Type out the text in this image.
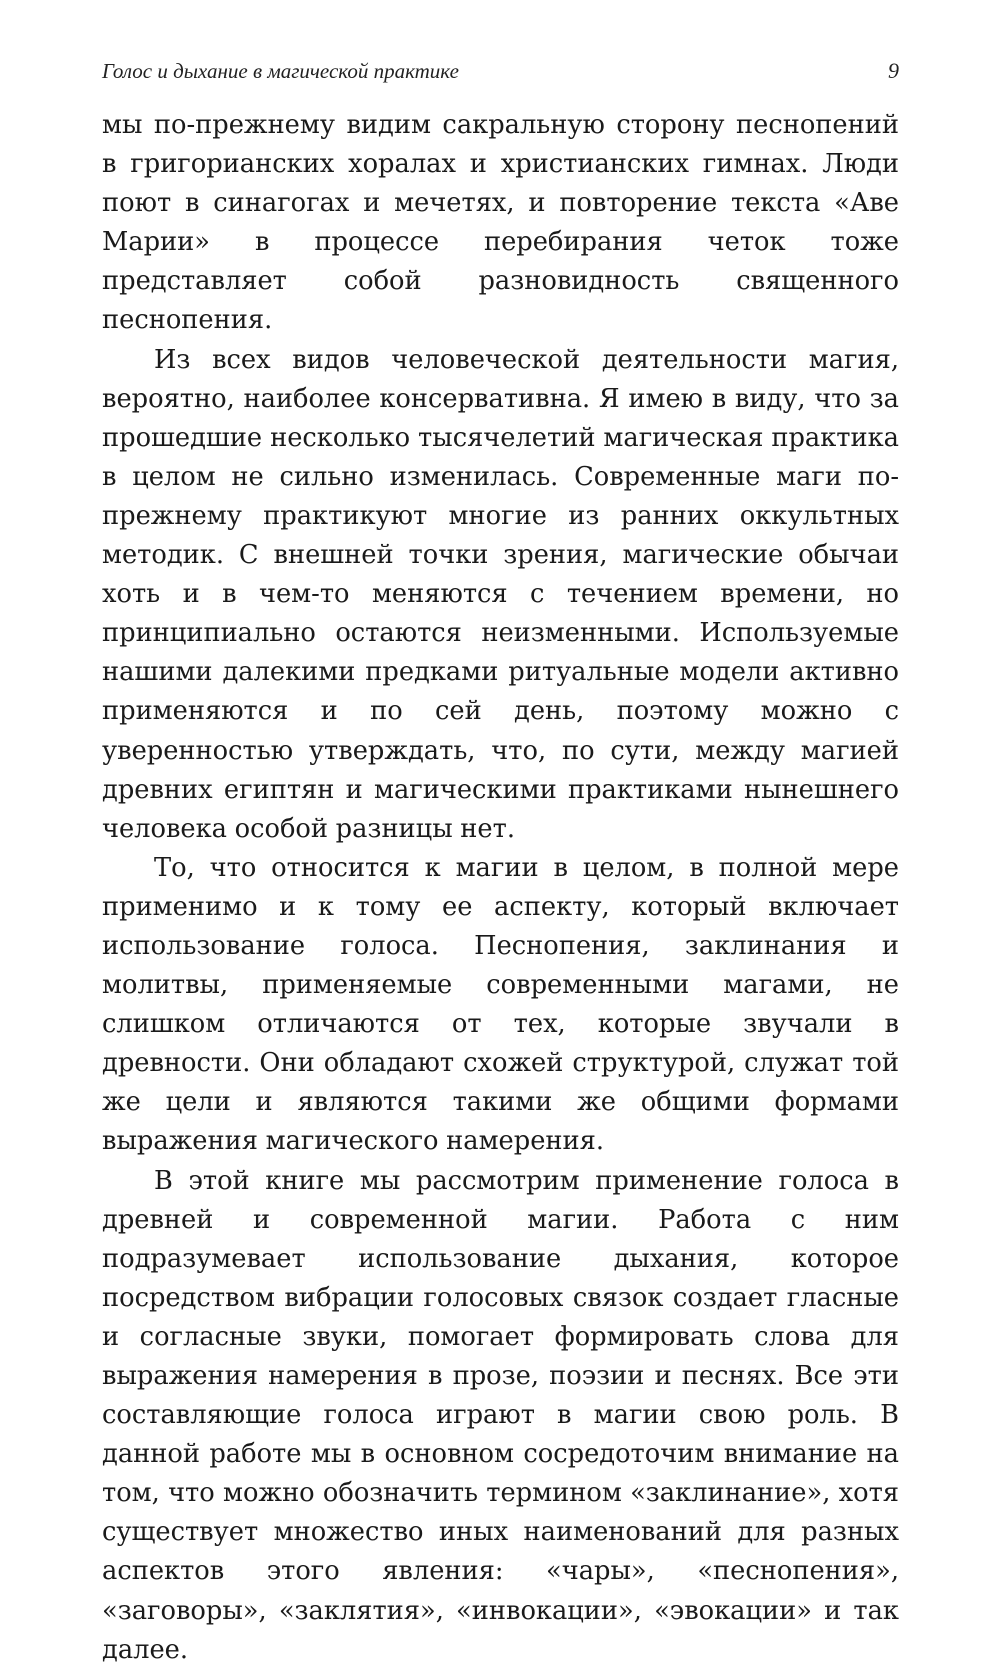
Голос и дыхание в магической практике	9

мы по-прежнему видим сакральную сторону песнопений в григорианских хоралах и христианских гимнах. Люди поют в синагогах и мечетях, и повторение текста «Аве Марии» в процессе перебирания четок тоже представляет собой разновидность священного песнопения.

Из всех видов человеческой деятельности магия, вероятно, наиболее консервативна. Я имею в виду, что за прошедшие несколько тысячелетий магическая практика в целом не сильно изменилась. Современные маги по-прежнему практикуют многие из ранних оккультных методик. С внешней точки зрения, магические обычаи хоть и в чем-то меняются с течением времени, но принципиально остаются неизменными. Используемые нашими далекими предками ритуальные модели активно применяются и по сей день, поэтому можно с уверенностью утверждать, что, по сути, между магией древних египтян и магическими практиками нынешнего человека особой разницы нет.

То, что относится к магии в целом, в полной мере применимо и к тому ее аспекту, который включает использование голоса. Песнопения, заклинания и молитвы, применяемые современными магами, не слишком отличаются от тех, которые звучали в древности. Они обладают схожей структурой, служат той же цели и являются такими же общими формами выражения магического намерения.

В этой книге мы рассмотрим применение голоса в древней и современной магии. Работа с ним подразумевает использование дыхания, которое посредством вибрации голосовых связок создает гласные и согласные звуки, помогает формировать слова для выражения намерения в прозе, поэзии и песнях. Все эти составляющие голоса играют в магии свою роль. В данной работе мы в основном сосредоточим внимание на том, что можно обозначить термином «заклинание», хотя существует множество иных наименований для разных аспектов этого явления: «чары», «песнопения», «заговоры», «заклятия», «инвокации», «эвокации» и так далее.
